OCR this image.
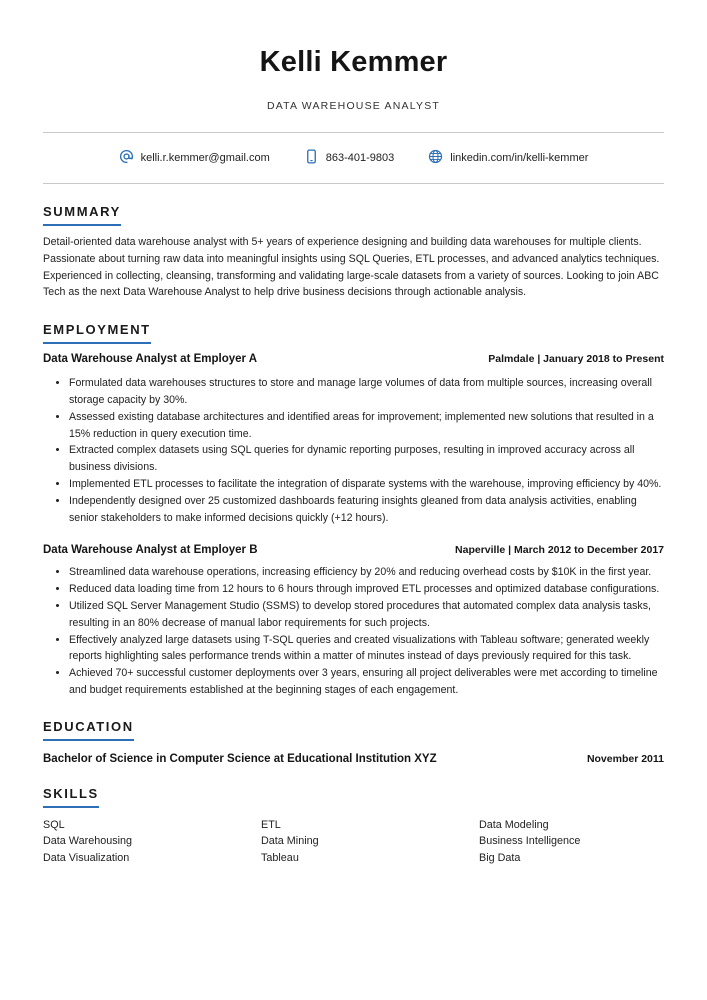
Kelli Kemmer
DATA WAREHOUSE ANALYST
kelli.r.kemmer@gmail.com	863-401-9803	linkedin.com/in/kelli-kemmer
SUMMARY

Detail-oriented data warehouse analyst with 5+ years of experience designing and building data warehouses for multiple clients. Passionate about turning raw data into meaningful insights using SQL Queries, ETL processes, and advanced analytics techniques. Experienced in collecting, cleansing, transforming and validating large-scale datasets from a variety of sources. Looking to join ABC Tech as the next Data Warehouse Analyst to help drive business decisions through actionable analysis.

EMPLOYMENT
Data Warehouse Analyst at Employer A	Palmdale | January 2018 to Present
• Formulated data warehouses structures to store and manage large volumes of data from multiple sources, increasing overall storage capacity by 30%.
• Assessed existing database architectures and identified areas for improvement; implemented new solutions that resulted in a 15% reduction in query execution time.
• Extracted complex datasets using SQL queries for dynamic reporting purposes, resulting in improved accuracy across all business divisions.
• Implemented ETL processes to facilitate the integration of disparate systems with the warehouse, improving efficiency by 40%.
• Independently designed over 25 customized dashboards featuring insights gleaned from data analysis activities, enabling senior stakeholders to make informed decisions quickly (+12 hours).
Data Warehouse Analyst at Employer B	Naperville | March 2012 to December 2017
• Streamlined data warehouse operations, increasing efficiency by 20% and reducing overhead costs by $10K in the first year.
• Reduced data loading time from 12 hours to 6 hours through improved ETL processes and optimized database configurations.
• Utilized SQL Server Management Studio (SSMS) to develop stored procedures that automated complex data analysis tasks, resulting in an 80% decrease of manual labor requirements for such projects.
• Effectively analyzed large datasets using T-SQL queries and created visualizations with Tableau software; generated weekly reports highlighting sales performance trends within a matter of minutes instead of days previously required for this task.
• Achieved 70+ successful customer deployments over 3 years, ensuring all project deliverables were met according to timeline and budget requirements established at the beginning stages of each engagement.
EDUCATION
Bachelor of Science in Computer Science at Educational Institution XYZ	November 2011
SKILLS
SQL	ETL	Data Modeling
Data Warehousing	Data Mining	Business Intelligence
Data Visualization	Tableau	Big Data
